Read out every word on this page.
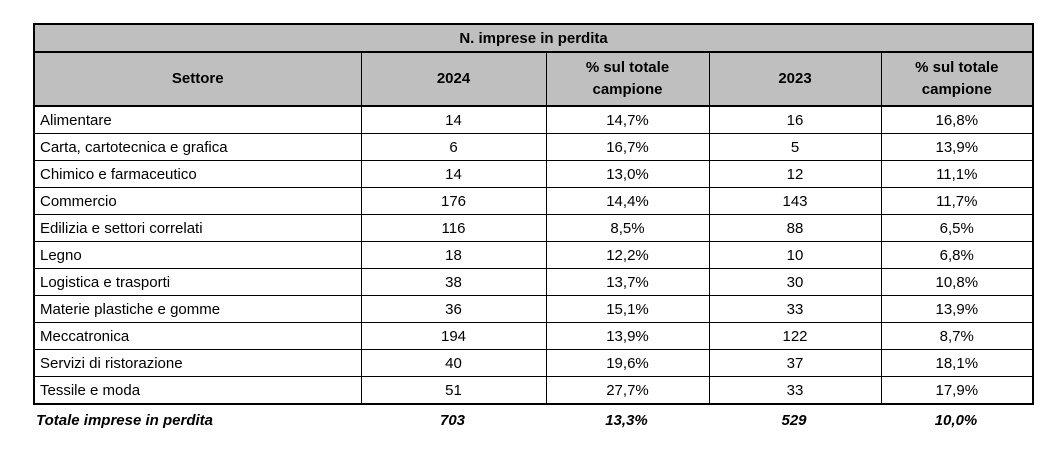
N. imprese in perdita				
Settore	2024	% sul totale campione	2023	% sul totale campione
Alimentare	14	14,7%	16	16,8%
Carta, cartotecnica e grafica	6	16,7%	5	13,9%
Chimico e farmaceutico	14	13,0%	12	11,1%
Commercio	176	14,4%	143	11,7%
Edilizia e settori correlati	116	8,5%	88	6,5%
Legno	18	12,2%	10	6,8%
Logistica e trasporti	38	13,7%	30	10,8%
Materie plastiche e gomme	36	15,1%	33	13,9%
Meccatronica	194	13,9%	122	8,7%
Servizi di ristorazione	40	19,6%	37	18,1%
Tessile e moda	51	27,7%	33	17,9%
Totale imprese in perdita	703	13,3%	529	10,0%
